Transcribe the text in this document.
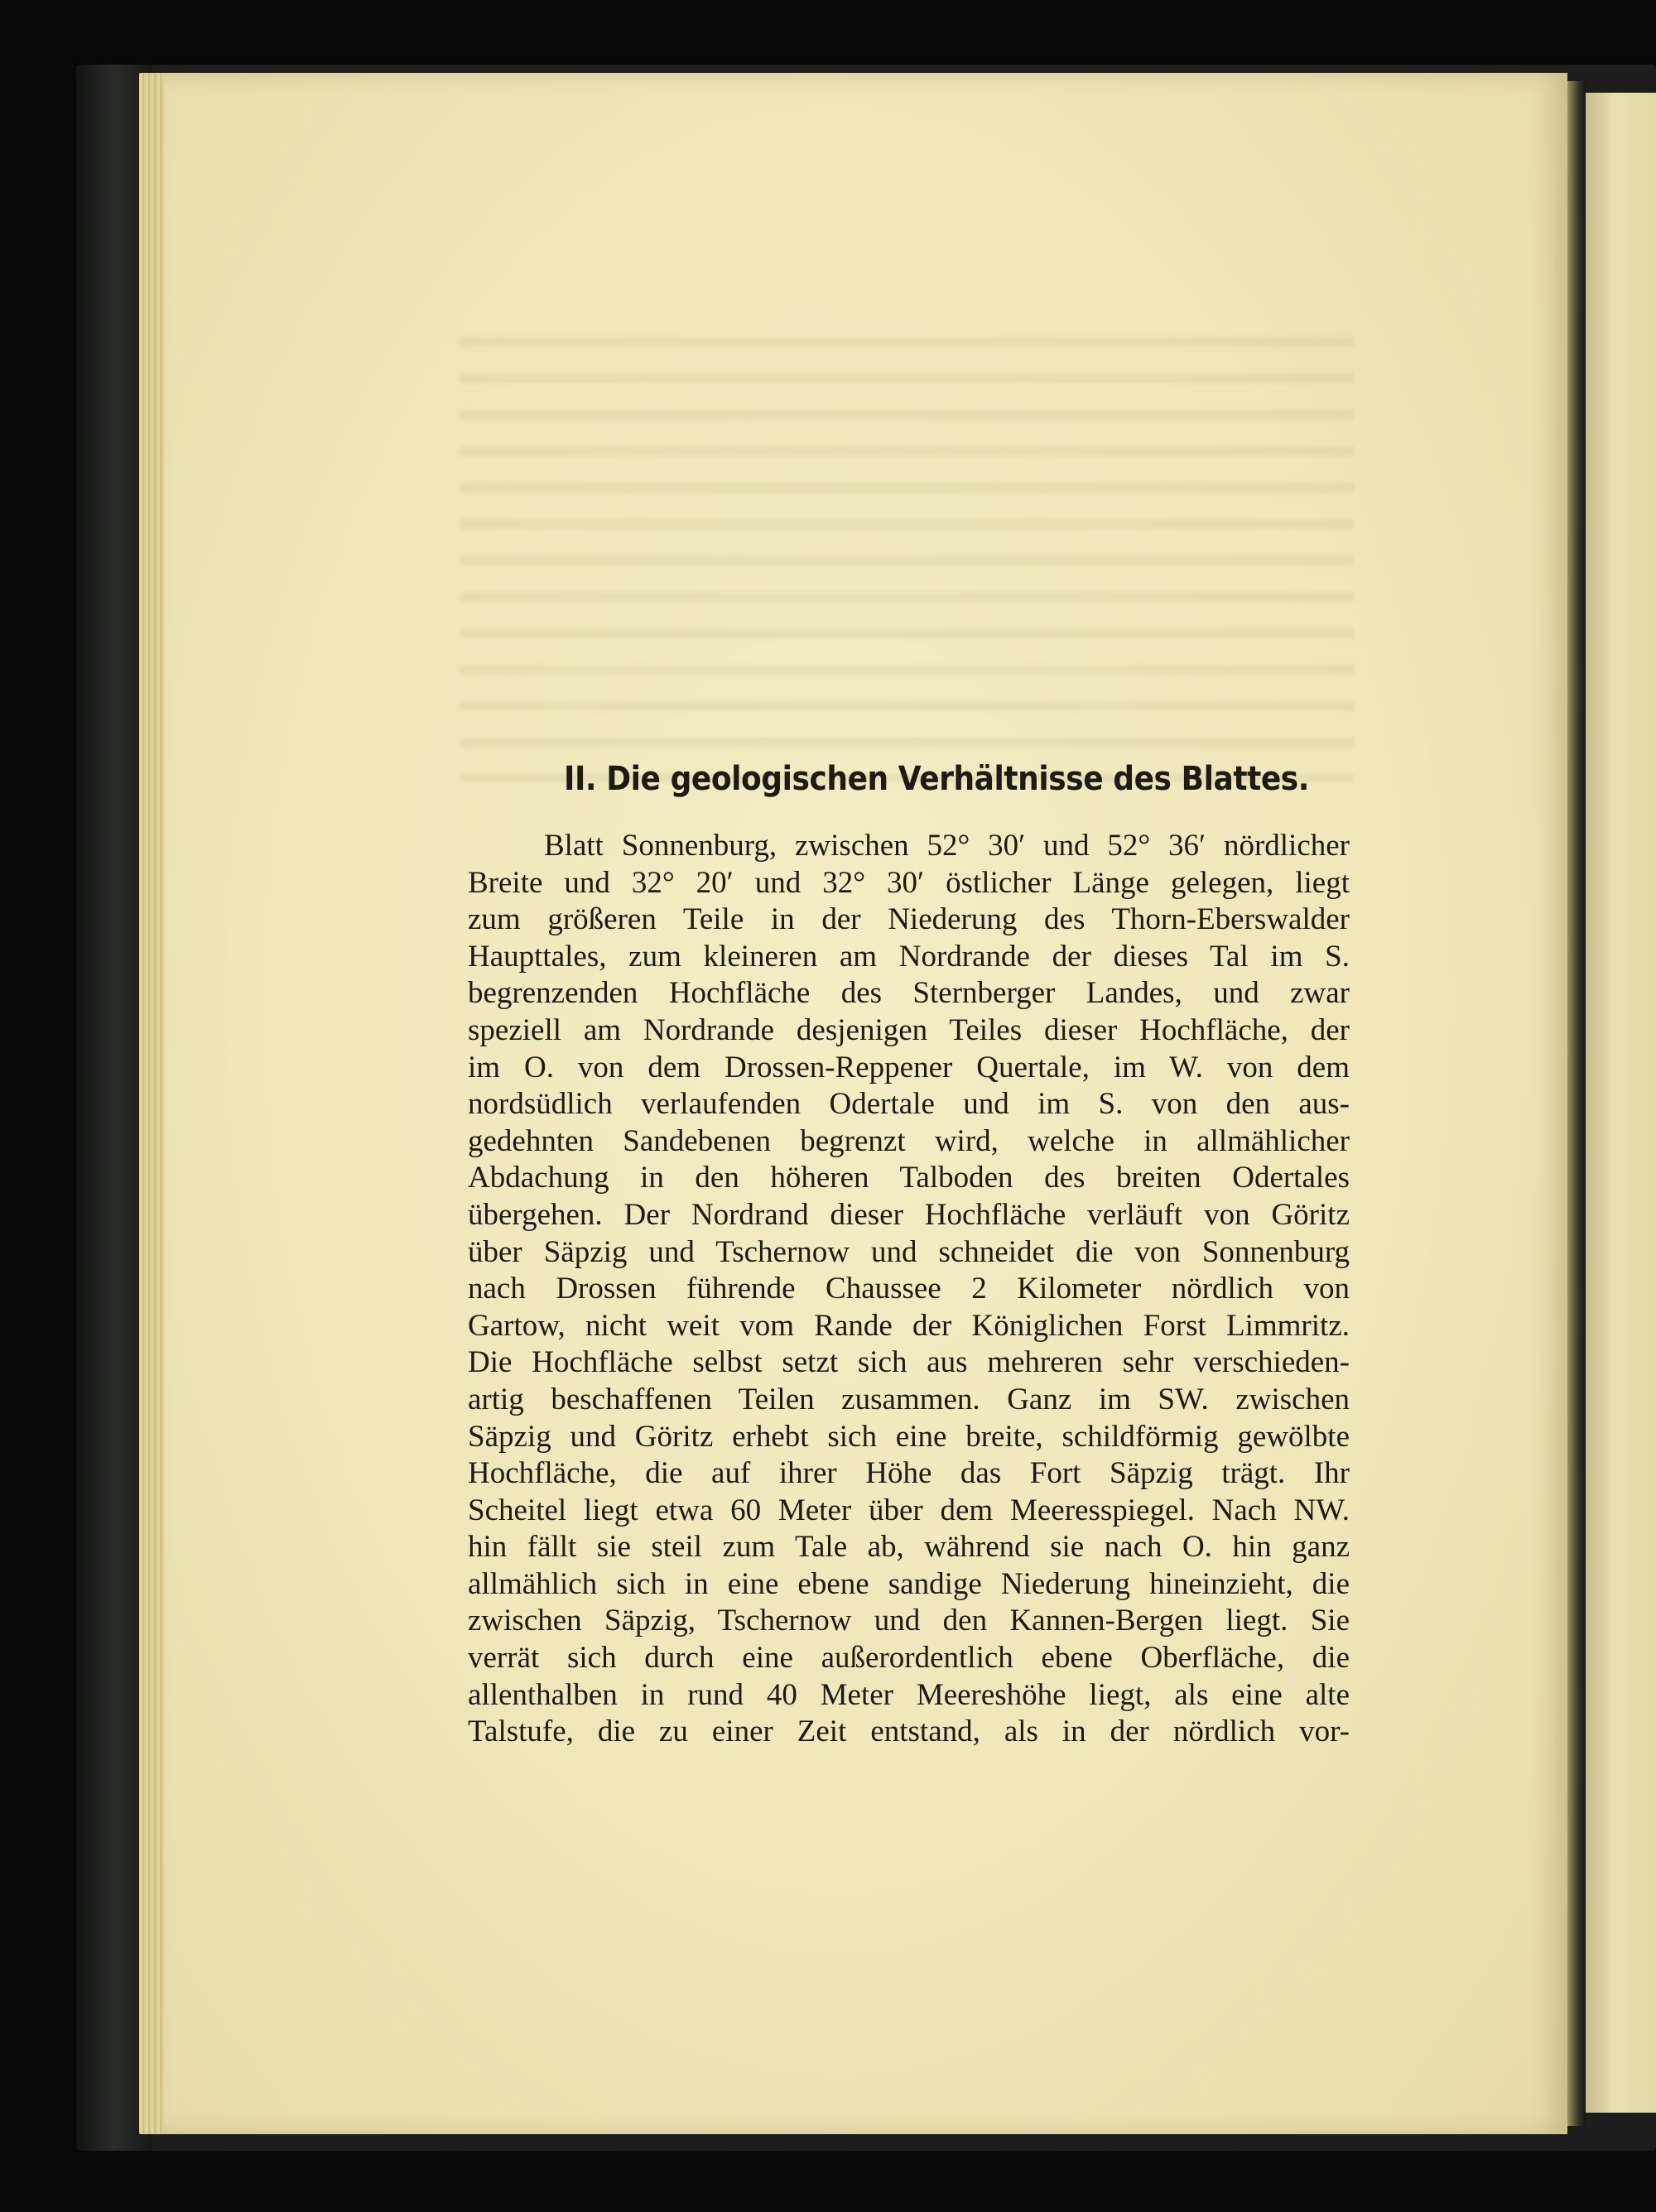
II. Die geologischen Verhältnisse des Blattes.
Blatt Sonnenburg, zwischen 52° 30′ und 52° 36′ nördlicher
Breite und 32° 20′ und 32° 30′ östlicher Länge geleg⁠en, liegt
zum größeren Teile in der Niederung des Thorn-Eberswalder
Haupttales, zum kleineren am Nordrande der dieses Tal im S.
begrenzenden Hochfläche des Sternberger Landes, und zwar
speziell am Nordrande desjenigen Teiles dieser Hochfläche, der
im O. von dem Drossen-Reppener Quertale, im W. von dem
nordsüdlich verlaufenden Odertale und im S. von den aus-
gedehnten Sandebenen begrenzt wird, welche in allmählicher
Abdachung in den höheren Talboden des breiten Odertales
übergehen. Der Nordrand dieser Hochfläche verläuft von Göritz
über Säpzig und Tschernow und schneidet die von Sonnenburg
nach Drossen führende Chaussee 2 Kilometer nördlich von
Gartow, nicht weit vom Rande der Königlichen Forst Limmritz.
Die Hochfläche selbst setzt sich aus mehreren sehr verschieden-
artig beschaffenen Teilen zusammen. Ganz im SW. zwischen
Säpzig und Göritz erhebt sich eine breite, schildförmig gewölbte
Hochfläche, die auf ihrer Höhe das Fort Säpzig trägt. Ihr
Scheitel liegt etwa 60 Meter über dem Meeresspiegel. Nach NW.
hin fällt sie steil zum Tale ab, während sie nach O. hin ganz
allmählich sich in eine ebene sandige Niederung hineinzieht, die
zwischen Säpzig, Tschernow und den Kannen-Bergen liegt. Sie
verrät sich durch eine außerordentlich ebene Oberfläche, die
allenthalben in rund 40 Meter Meereshöhe liegt, als eine alte
Talstufe, die zu einer Zeit entstand, als in der nördlich vor-
